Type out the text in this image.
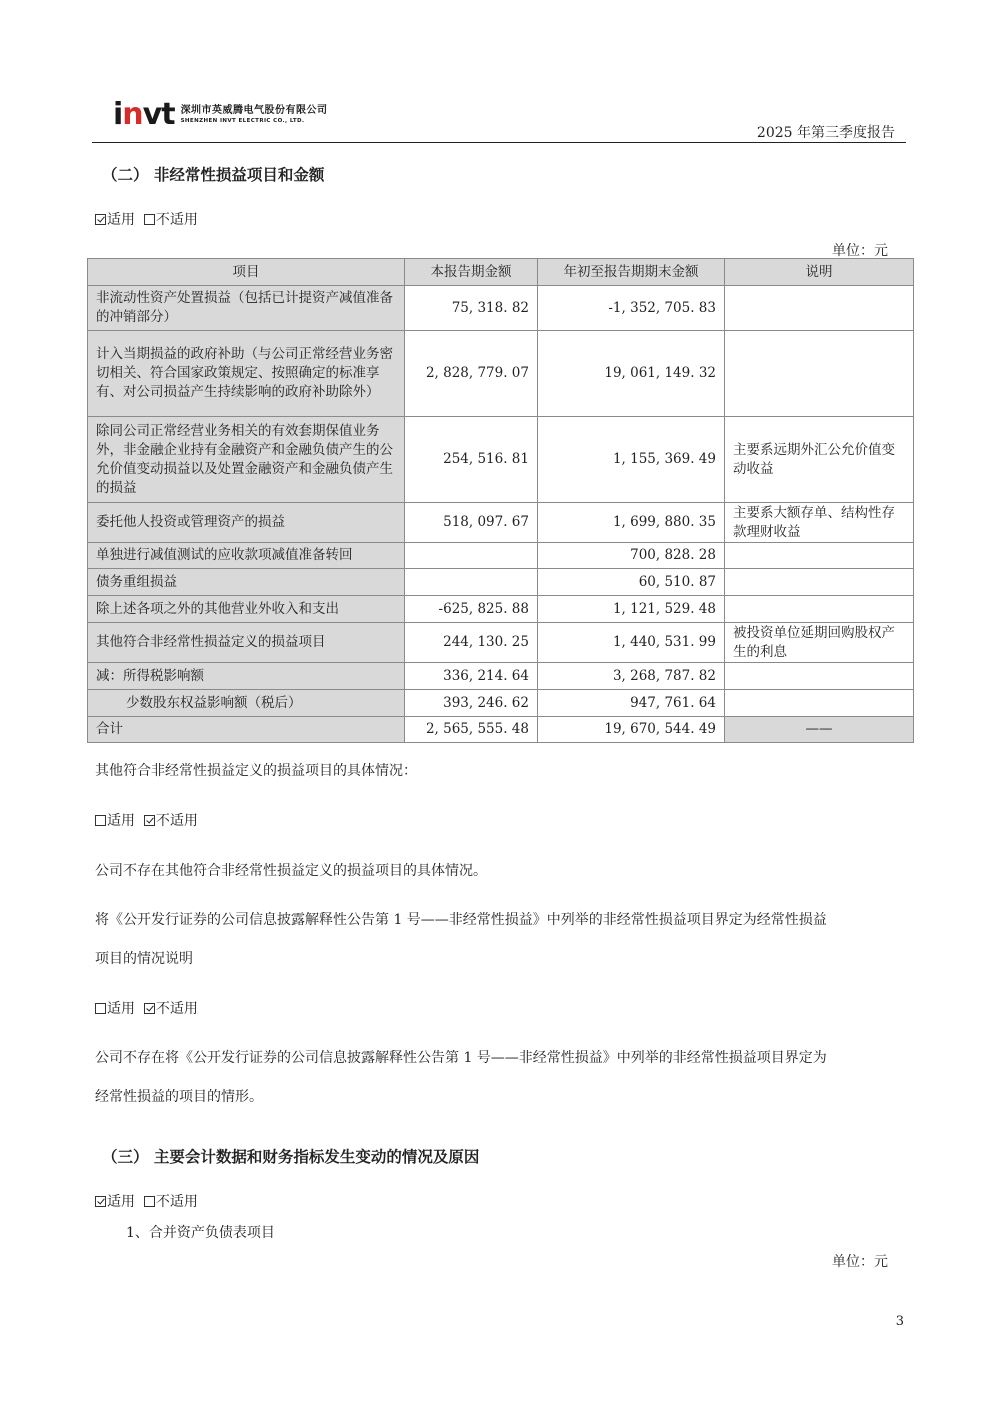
invt 深圳市英威腾电气股份有限公司
SHENZHEN INVT ELECTRIC CO., LTD.
2025 年第三季度报告
（二） 非经常性损益项目和金额
适用 不适用
单位：元
项目	本报告期金额	年初至报告期期末金额	说明
非流动性资产处置损益（包括已计提资产减值准备的冲销部分）	75, 318. 82	-1, 352, 705. 83	
计入当期损益的政府补助（与公司正常经营业务密切相关、符合国家政策规定、按照确定的标准享有、对公司损益产生持续影响的政府补助除外）	2, 828, 779. 07	19, 061, 149. 32	
除同公司正常经营业务相关的有效套期保值业务外，非金融企业持有金融资产和金融负债产生的公允价值变动损益以及处置金融资产和金融负债产生的损益	254, 516. 81	1, 155, 369. 49	主要系远期外汇公允价值变动收益
委托他人投资或管理资产的损益	518, 097. 67	1, 699, 880. 35	主要系大额存单、结构性存款理财收益
单独进行减值测试的应收款项减值准备转回		700, 828. 28	
债务重组损益		60, 510. 87	
除上述各项之外的其他营业外收入和支出	-625, 825. 88	1, 121, 529. 48	
其他符合非经常性损益定义的损益项目	244, 130. 25	1, 440, 531. 99	被投资单位延期回购股权产生的利息
减：所得税影响额	336, 214. 64	3, 268, 787. 82	
少数股东权益影响额（税后）	393, 246. 62	947, 761. 64	
合计	2, 565, 555. 48	19, 670, 544. 49	——
其他符合非经常性损益定义的损益项目的具体情况：
适用 不适用
公司不存在其他符合非经常性损益定义的损益项目的具体情况。
将《公开发行证券的公司信息披露解释性公告第 1 号——非经常性损益》中列举的非经常性损益项目界定为经常性损益
项目的情况说明
适用 不适用
公司不存在将《公开发行证券的公司信息披露解释性公告第 1 号——非经常性损益》中列举的非经常性损益项目界定为
经常性损益的项目的情形。
（三） 主要会计数据和财务指标发生变动的情况及原因
适用 不适用
1、合并资产负债表项目
单位：元
3
